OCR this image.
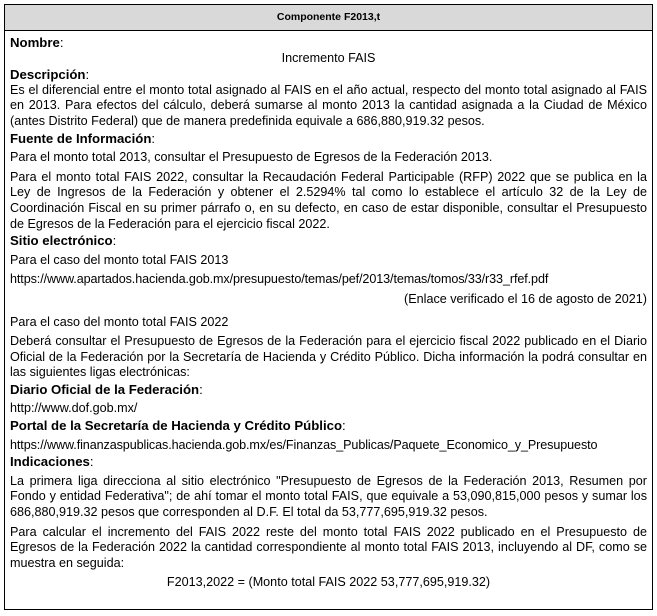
Componente F2013,t

Nombre:

Incremento FAIS

Descripción:

Es el diferencial entre el monto total asignado al FAIS en el año actual, respecto del monto total asignado al FAIS en 2013. Para efectos del cálculo, deberá sumarse al monto 2013 la cantidad asignada a la Ciudad de México (antes Distrito Federal) que de manera predefinida equivale a 686,880,919.32 pesos.

Fuente de Información:

Para el monto total 2013, consultar el Presupuesto de Egresos de la Federación 2013.

Para el monto total FAIS 2022, consultar la Recaudación Federal Participable (RFP) 2022 que se publica en la Ley de Ingresos de la Federación y obtener el 2.5294% tal como lo establece el artículo 32 de la Ley de Coordinación Fiscal en su primer párrafo o, en su defecto, en caso de estar disponible, consultar el Presupuesto de Egresos de la Federación para el ejercicio fiscal 2022.

Sitio electrónico:

Para el caso del monto total FAIS 2013

https://www.apartados.hacienda.gob.mx/presupuesto/temas/pef/2013/temas/tomos/33/r33_rfef.pdf

(Enlace verificado el 16 de agosto de 2021)

Para el caso del monto total FAIS 2022

Deberá consultar el Presupuesto de Egresos de la Federación para el ejercicio fiscal 2022 publicado en el Diario Oficial de la Federación por la Secretaría de Hacienda y Crédito Público. Dicha información la podrá consultar en las siguientes ligas electrónicas:

Diario Oficial de la Federación:

http://www.dof.gob.mx/

Portal de la Secretaría de Hacienda y Crédito Público:

https://www.finanzaspublicas.hacienda.gob.mx/es/Finanzas_Publicas/Paquete_Economico_y_Presupuesto

Indicaciones:

La primera liga direcciona al sitio electrónico "Presupuesto de Egresos de la Federación 2013, Resumen por Fondo y entidad Federativa"; de ahí tomar el monto total FAIS, que equivale a 53,090,815,000 pesos y sumar los 686,880,919.32 pesos que corresponden al D.F. El total da 53,777,695,919.32 pesos.

Para calcular el incremento del FAIS 2022 reste del monto total FAIS 2022 publicado en el Presupuesto de Egresos de la Federación 2022 la cantidad correspondiente al monto total FAIS 2013, incluyendo al DF, como se muestra en seguida:

F2013,2022 = (Monto total FAIS 2022 53,777,695,919.32)
